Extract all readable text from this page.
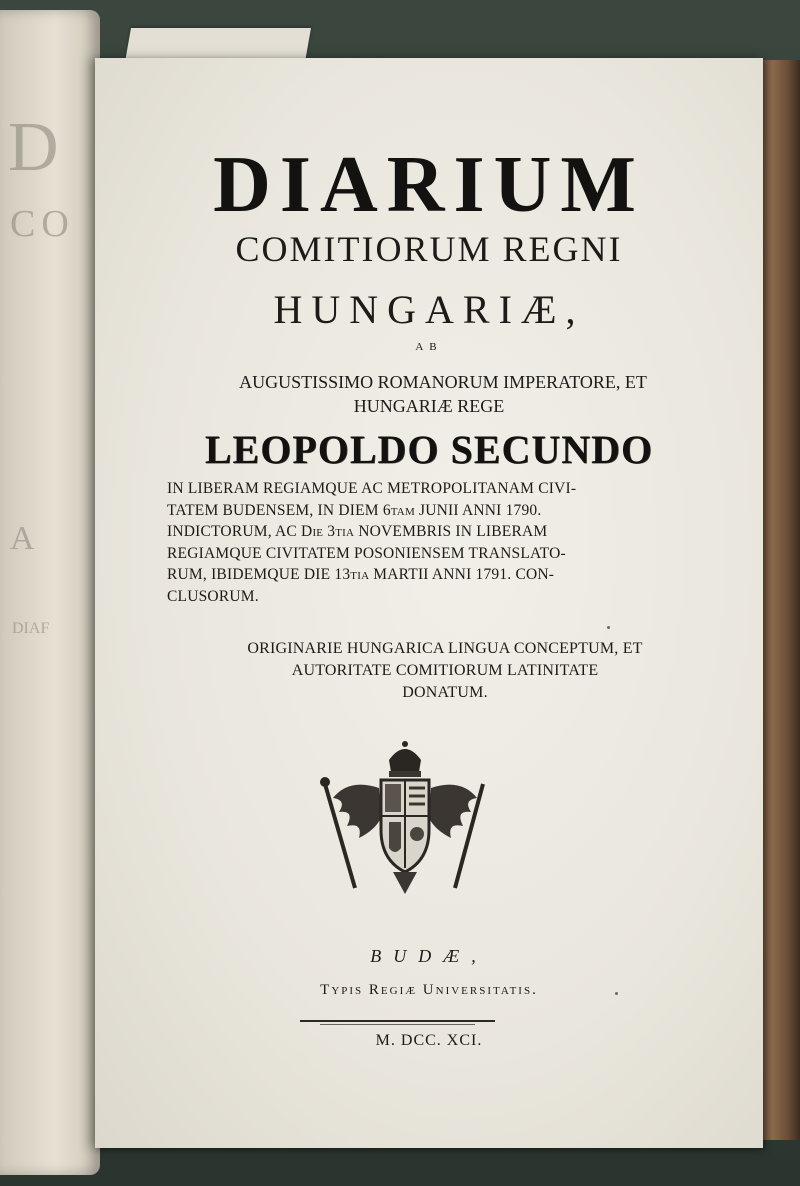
D
CO
A
DIAF
DIARIUM
COMITIORUM REGNI
HUNGARIÆ,
AB
AUGUSTISSIMO ROMANORUM IMPERATORE, ET
HUNGARIÆ REGE
LEOPOLDO SECUNDO
IN LIBERAM REGIAMQUE AC METROPOLITANAM CIVI-
TATEM BUDENSEM, IN DIEM 6tam JUNII ANNI 1790.
INDICTORUM, AC Die 3tia NOVEMBRIS IN LIBERAM
REGIAMQUE CIVITATEM POSONIENSEM TRANSLATO-
RUM, IBIDEMQUE DIE 13tia MARTII ANNI 1791. CON-
CLUSORUM.
ORIGINARIE HUNGARICA LINGUA CONCEPTUM, ET
AUTORITATE COMITIORUM LATINITATE
DONATUM.
BUDÆ,
Typis Regiæ Universitatis.
M. DCC. XCI.
